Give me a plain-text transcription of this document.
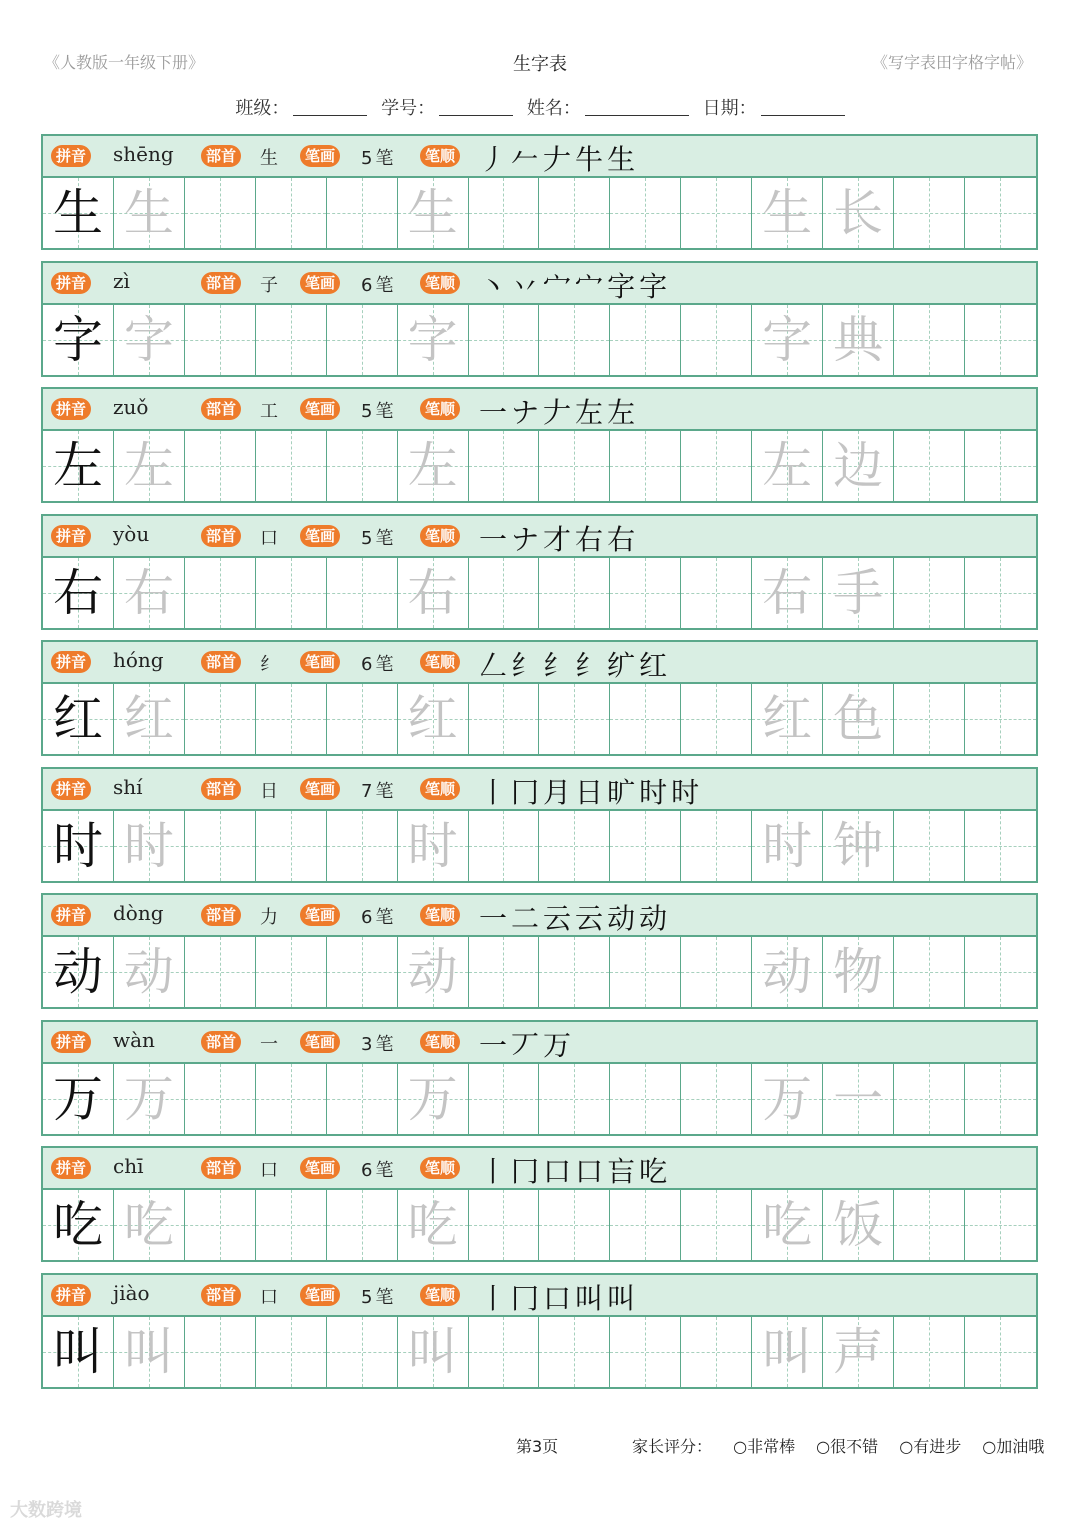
《人教版一年级下册》	生字表	《写字表田字格字帖》
班级：	学号：	姓名：	日期：
拼音 shēng	部首 生	笔画 5 笔	笔顺 丿𠂉𠂇牛生
生 生	生	生 长
拼音 zì	部首 子	笔画 6 笔	笔顺 丶丷宀宀字字
字 字	字	字 典
拼音 zuǒ	部首 工	笔画 5 笔	笔顺 一ナ𠂇左左
左 左	左	左 边
拼音 yòu	部首 口	笔画 5 笔	笔顺 一ナ才右右
右 右	右	右 手
拼音 hóng	部首 纟	笔画 6 笔	笔顺 𠃋纟纟纟纩红
红 红	红	红 色
拼音 shí	部首 日	笔画 7 笔	笔顺 丨冂月日旷时时
时 时	时	时 钟
拼音 dòng	部首 力	笔画 6 笔	笔顺 一二云云动动
动 动	动	动 物
拼音 wàn	部首 一	笔画 3 笔	笔顺 一丆万
万 万	万	万 一
拼音 chī	部首 口	笔画 6 笔	笔顺 丨冂口口吂吃
吃 吃	吃	吃 饭
拼音 jiào	部首 口	笔画 5 笔	笔顺 丨冂口叫叫
叫 叫	叫	叫 声
第3页	家长评分： ○非常棒 ○很不错 ○有进步 ○加油哦
大数跨境
